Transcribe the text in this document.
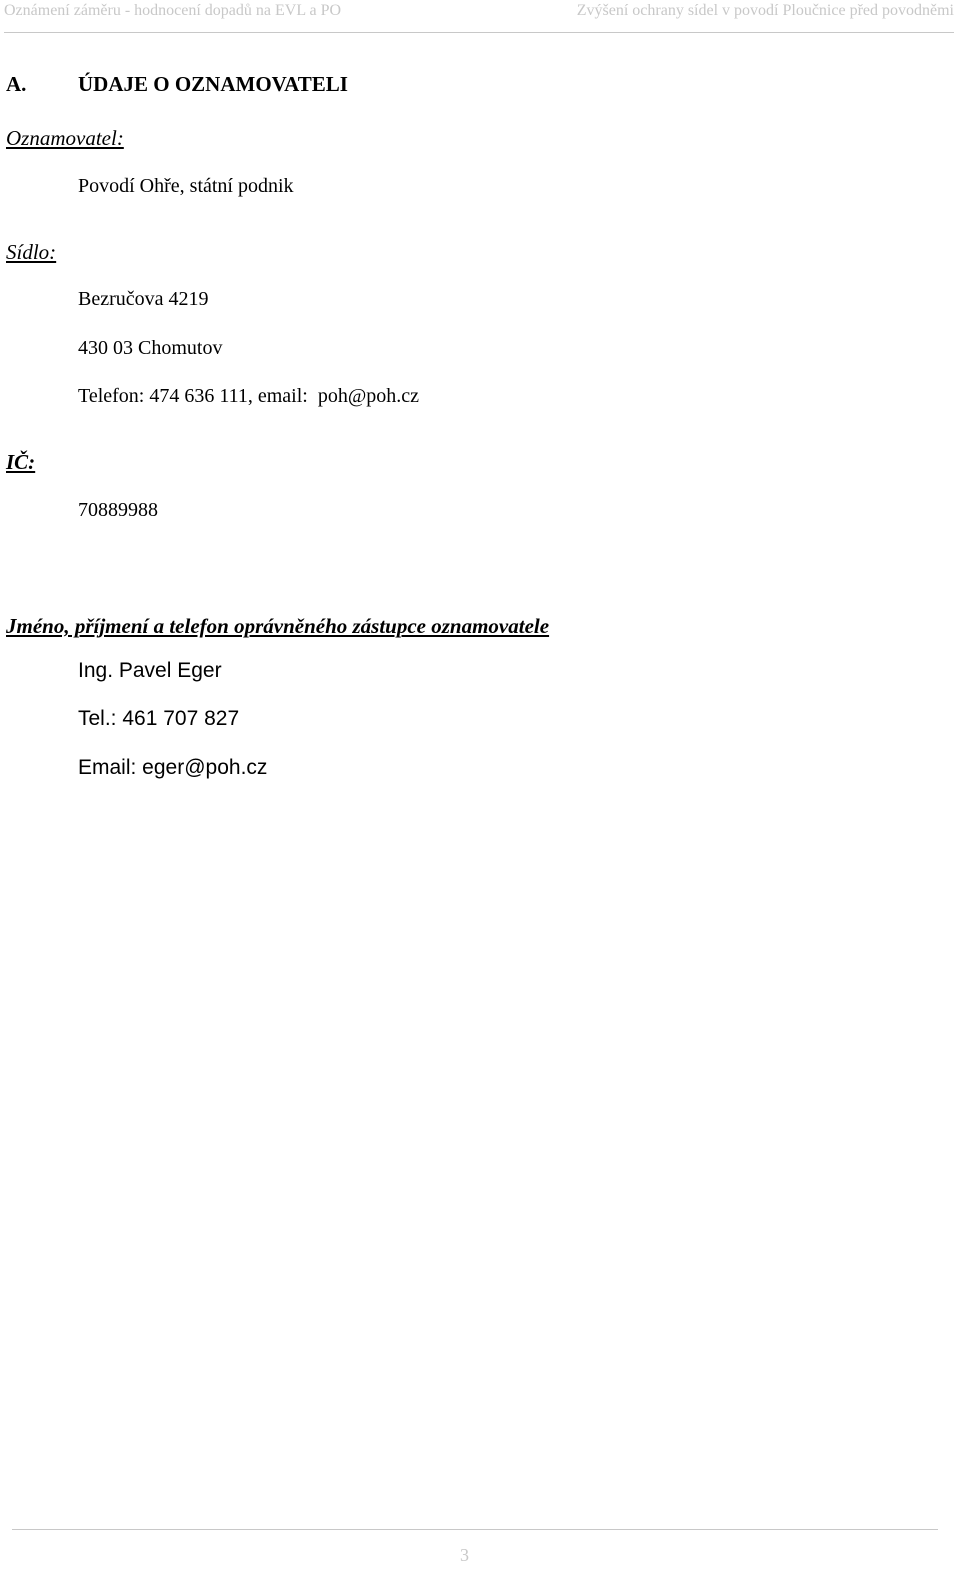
Oznámení záměru - hodnocení dopadů na EVL a PO	Zvýšení ochrany sídel v povodí Ploučnice před povodněmi
A. ÚDAJE O OZNAMOVATELI
Oznamovatel:
Povodí Ohře, státní podnik
Sídlo:
Bezručova 4219
430 03 Chomutov
Telefon: 474 636 111, email: poh@poh.cz
IČ:
70889988
Jméno, příjmení a telefon oprávněného zástupce oznamovatele
Ing. Pavel Eger
Tel.: 461 707 827
Email: eger@poh.cz
3
